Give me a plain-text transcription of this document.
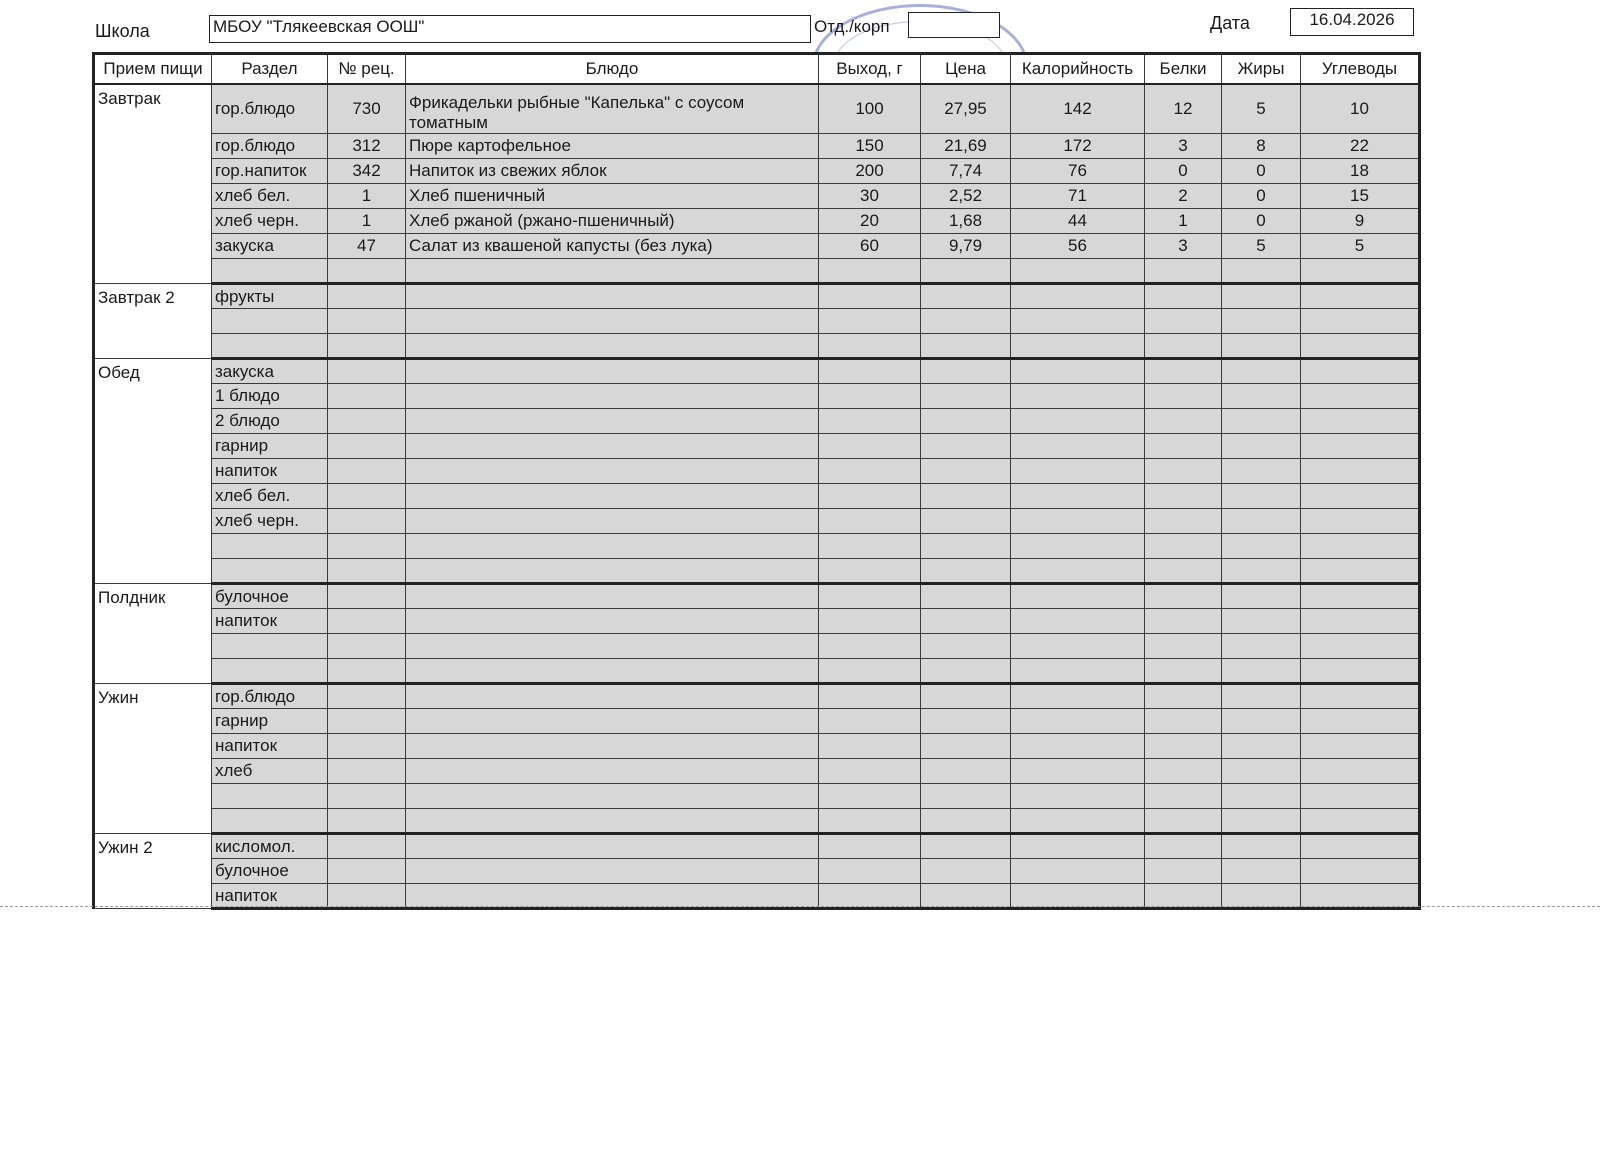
Школа	МБОУ "Тлякеевская ООШ"	Отд./корп	Дата	16.04.2026
Прием пищи	Раздел	№ рец.	Блюдо	Выход, г	Цена	Калорийность	Белки	Жиры	Углеводы
Завтрак	гор.блюдо	730	Фрикадельки рыбные "Капелька" с соусом томатным	100	27,95	142	12	5	10
	гор.блюдо	312	Пюре картофельное	150	21,69	172	3	8	22
	гор.напиток	342	Напиток из свежих яблок	200	7,74	76	0	0	18
	хлеб бел.	1	Хлеб пшеничный	30	2,52	71	2	0	15
	хлеб черн.	1	Хлеб ржаной (ржано-пшеничный)	20	1,68	44	1	0	9
	закуска	47	Салат из квашеной капусты (без лука)	60	9,79	56	3	5	5

Завтрак 2	фрукты								

Обед	закуска								
	1 блюдо								
	2 блюдо								
	гарнир								
	напиток								
	хлеб бел.								
	хлеб черн.								

Полдник	булочное								
	напиток								

Ужин	гор.блюдо								
	гарнир								
	напиток								
	хлеб								

Ужин 2	кисломол.								
	булочное								
	напиток								
